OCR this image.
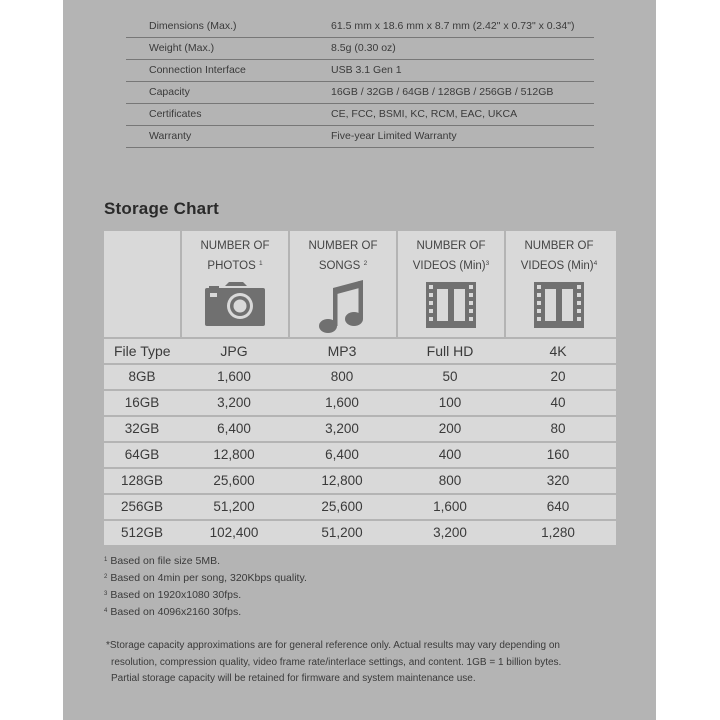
Dimensions (Max.)	61.5 mm x 18.6 mm x 8.7 mm (2.42" x 0.73" x 0.34")
Weight (Max.)	8.5g (0.30 oz)
Connection Interface	USB 3.1 Gen 1
Capacity	16GB / 32GB / 64GB / 128GB / 256GB / 512GB
Certificates	CE, FCC, BSMI, KC, RCM, EAC, UKCA
Warranty	Five-year Limited Warranty
Storage Chart
NUMBER OF
PHOTOS $^1$
NUMBER OF
SONGS $^2$
NUMBER OF
VIDEOS (Min)$^3$
NUMBER OF
VIDEOS (Min)$^4$
File Type	JPG	MP3	Full HD	4K
8GB	1,600	800	50	20
16GB	3,200	1,600	100	40
32GB	6,400	3,200	200	80
64GB	12,800	6,400	400	160
128GB	25,600	12,800	800	320
256GB	51,200	25,600	1,600	640
512GB	102,400	51,200	3,200	1,280
$^1$ Based on file size 5MB.
$^2$ Based on 4min per song, 320Kbps quality.
$^3$ Based on 1920x1080 30fps.
$^4$ Based on 4096x2160 30fps.
*Storage capacity approximations are for general reference only. Actual results may vary depending on
resolution, compression quality, video frame rate/interlace settings, and content. 1GB = 1 billion bytes.
Partial storage capacity will be retained for firmware and system maintenance use.
